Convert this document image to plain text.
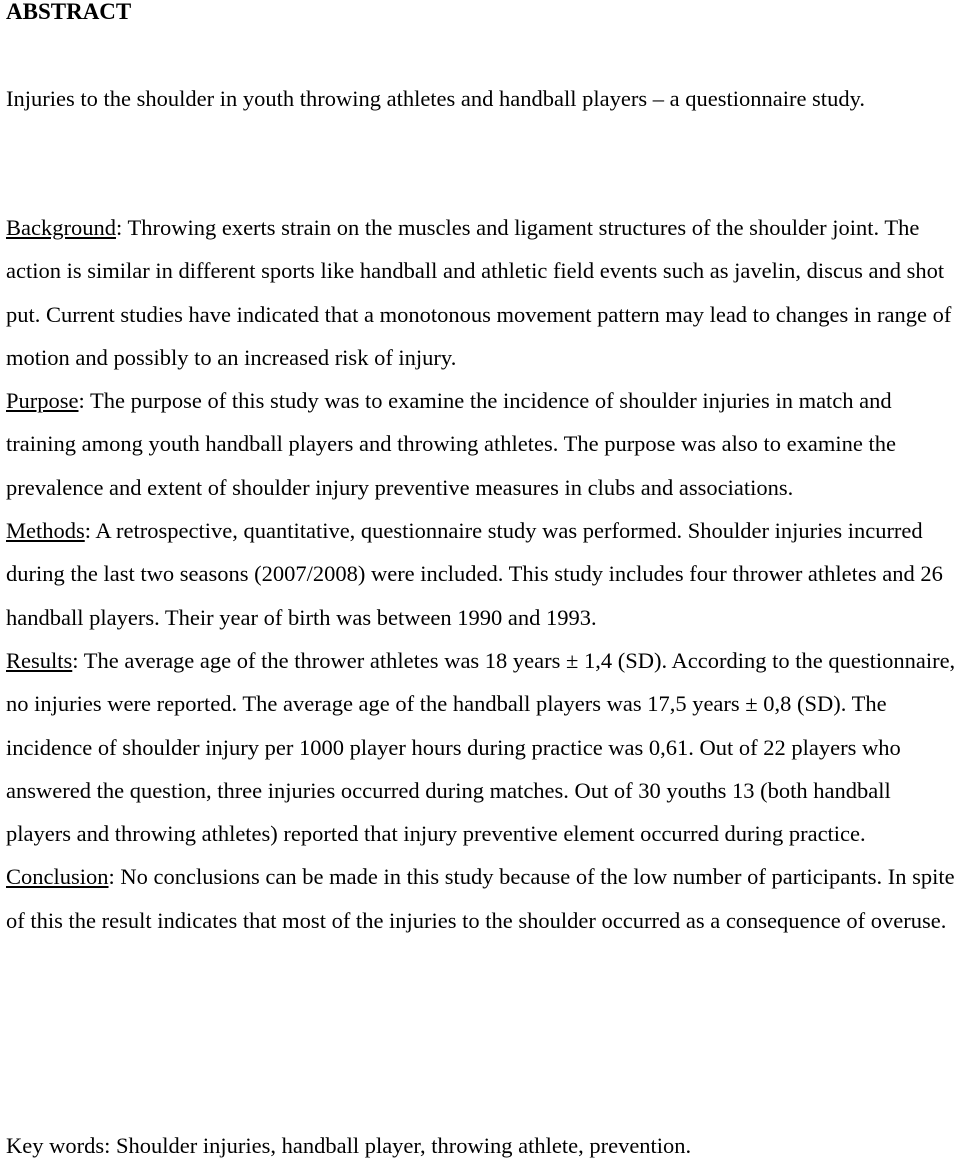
ABSTRACT

Injuries to the shoulder in youth throwing athletes and handball players – a questionnaire study.

Background: Throwing exerts strain on the muscles and ligament structures of the shoulder joint. The action is similar in different sports like handball and athletic field events such as javelin, discus and shot put. Current studies have indicated that a monotonous movement pattern may lead to changes in range of motion and possibly to an increased risk of injury.

Purpose: The purpose of this study was to examine the incidence of shoulder injuries in match and training among youth handball players and throwing athletes. The purpose was also to examine the prevalence and extent of shoulder injury preventive measures in clubs and associations.

Methods: A retrospective, quantitative, questionnaire study was performed. Shoulder injuries incurred during the last two seasons (2007/2008) were included. This study includes four thrower athletes and 26 handball players. Their year of birth was between 1990 and 1993.

Results: The average age of the thrower athletes was 18 years ± 1,4 (SD). According to the questionnaire, no injuries were reported. The average age of the handball players was 17,5 years ± 0,8 (SD). The incidence of shoulder injury per 1000 player hours during practice was 0,61. Out of 22 players who answered the question, three injuries occurred during matches. Out of 30 youths 13 (both handball players and throwing athletes) reported that injury preventive element occurred during practice.

Conclusion: No conclusions can be made in this study because of the low number of participants. In spite of this the result indicates that most of the injuries to the shoulder occurred as a consequence of overuse.

Key words: Shoulder injuries, handball player, throwing athlete, prevention.
